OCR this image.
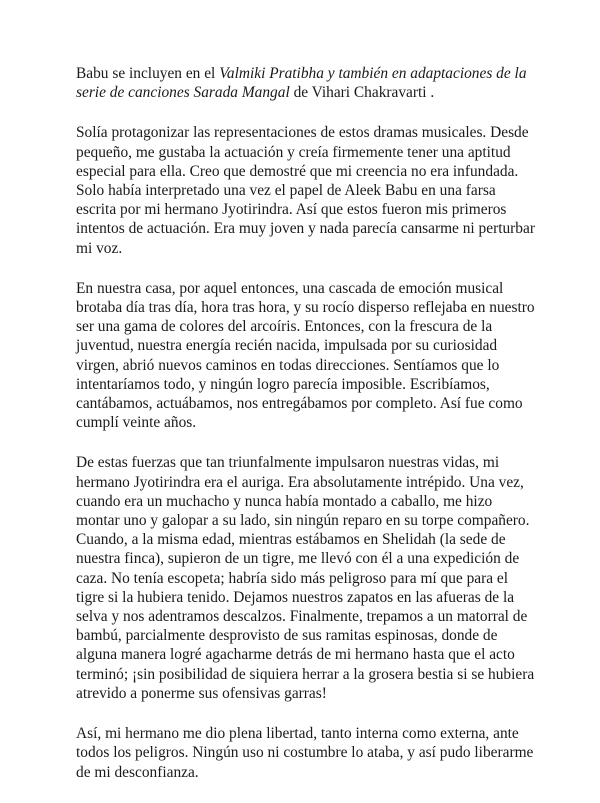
Babu se incluyen en el Valmiki Pratibha y también en adaptaciones de la serie de canciones Sarada Mangal de Vihari Chakravarti .

Solía protagonizar las representaciones de estos dramas musicales. Desde pequeño, me gustaba la actuación y creía firmemente tener una aptitud especial para ella. Creo que demostré que mi creencia no era infundada. Solo había interpretado una vez el papel de Aleek Babu en una farsa escrita por mi hermano Jyotirindra. Así que estos fueron mis primeros intentos de actuación. Era muy joven y nada parecía cansarme ni perturbar mi voz.

En nuestra casa, por aquel entonces, una cascada de emoción musical brotaba día tras día, hora tras hora, y su rocío disperso reflejaba en nuestro ser una gama de colores del arcoíris. Entonces, con la frescura de la juventud, nuestra energía recién nacida, impulsada por su curiosidad virgen, abrió nuevos caminos en todas direcciones. Sentíamos que lo intentaríamos todo, y ningún logro parecía imposible. Escribíamos, cantábamos, actuábamos, nos entregábamos por completo. Así fue como cumplí veinte años.

De estas fuerzas que tan triunfalmente impulsaron nuestras vidas, mi hermano Jyotirindra era el auriga. Era absolutamente intrépido. Una vez, cuando era un muchacho y nunca había montado a caballo, me hizo montar uno y galopar a su lado, sin ningún reparo en su torpe compañero. Cuando, a la misma edad, mientras estábamos en Shelidah (la sede de nuestra finca), supieron de un tigre, me llevó con él a una expedición de caza. No tenía escopeta; habría sido más peligroso para mí que para el tigre si la hubiera tenido. Dejamos nuestros zapatos en las afueras de la selva y nos adentramos descalzos. Finalmente, trepamos a un matorral de bambú, parcialmente desprovisto de sus ramitas espinosas, donde de alguna manera logré agacharme detrás de mi hermano hasta que el acto terminó; ¡sin posibilidad de siquiera herrar a la grosera bestia si se hubiera atrevido a ponerme sus ofensivas garras!

Así, mi hermano me dio plena libertad, tanto interna como externa, ante todos los peligros. Ningún uso ni costumbre lo ataba, y así pudo liberarme de mi desconfianza.
